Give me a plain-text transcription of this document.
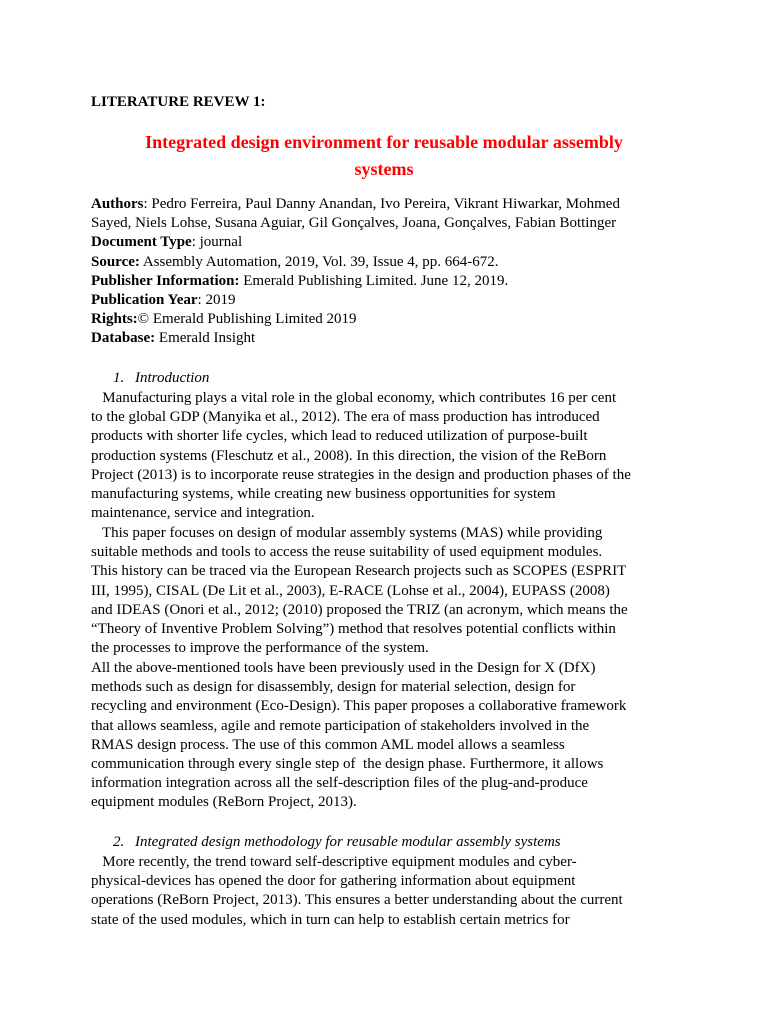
LITERATURE REVEW 1:
Integrated design environment for reusable modular assembly
systems
Authors: Pedro Ferreira, Paul Danny Anandan, Ivo Pereira, Vikrant Hiwarkar, Mohmed
Sayed, Niels Lohse, Susana Aguiar, Gil Gonçalves, Joana, Gonçalves, Fabian Bottinger
Document Type: journal
Source: Assembly Automation, 2019, Vol. 39, Issue 4, pp. 664-672.
Publisher Information: Emerald Publishing Limited. June 12, 2019.
Publication Year: 2019
Rights:© Emerald Publishing Limited 2019
Database: Emerald Insight
1. Introduction
Manufacturing plays a vital role in the global economy, which contributes 16 per cent
to the global GDP (Manyika et al., 2012). The era of mass production has introduced
products with shorter life cycles, which lead to reduced utilization of purpose-built
production systems (Fleschutz et al., 2008). In this direction, the vision of the ReBorn
Project (2013) is to incorporate reuse strategies in the design and production phases of the
manufacturing systems, while creating new business opportunities for system
maintenance, service and integration.
This paper focuses on design of modular assembly systems (MAS) while providing
suitable methods and tools to access the reuse suitability of used equipment modules.
This history can be traced via the European Research projects such as SCOPES (ESPRIT
III, 1995), CISAL (De Lit et al., 2003), E-RACE (Lohse et al., 2004), EUPASS (2008)
and IDEAS (Onori et al., 2012; (2010) proposed the TRIZ (an acronym, which means the
“Theory of Inventive Problem Solving”) method that resolves potential conflicts within
the processes to improve the performance of the system.
All the above-mentioned tools have been previously used in the Design for X (DfX)
methods such as design for disassembly, design for material selection, design for
recycling and environment (Eco-Design). This paper proposes a collaborative framework
that allows seamless, agile and remote participation of stakeholders involved in the
RMAS design process. The use of this common AML model allows a seamless
communication through every single step of  the design phase. Furthermore, it allows
information integration across all the self-description files of the plug-and-produce
equipment modules (ReBorn Project, 2013).
2. Integrated design methodology for reusable modular assembly systems
More recently, the trend toward self-descriptive equipment modules and cyber-
physical-devices has opened the door for gathering information about equipment
operations (ReBorn Project, 2013). This ensures a better understanding about the current
state of the used modules, which in turn can help to establish certain metrics for
